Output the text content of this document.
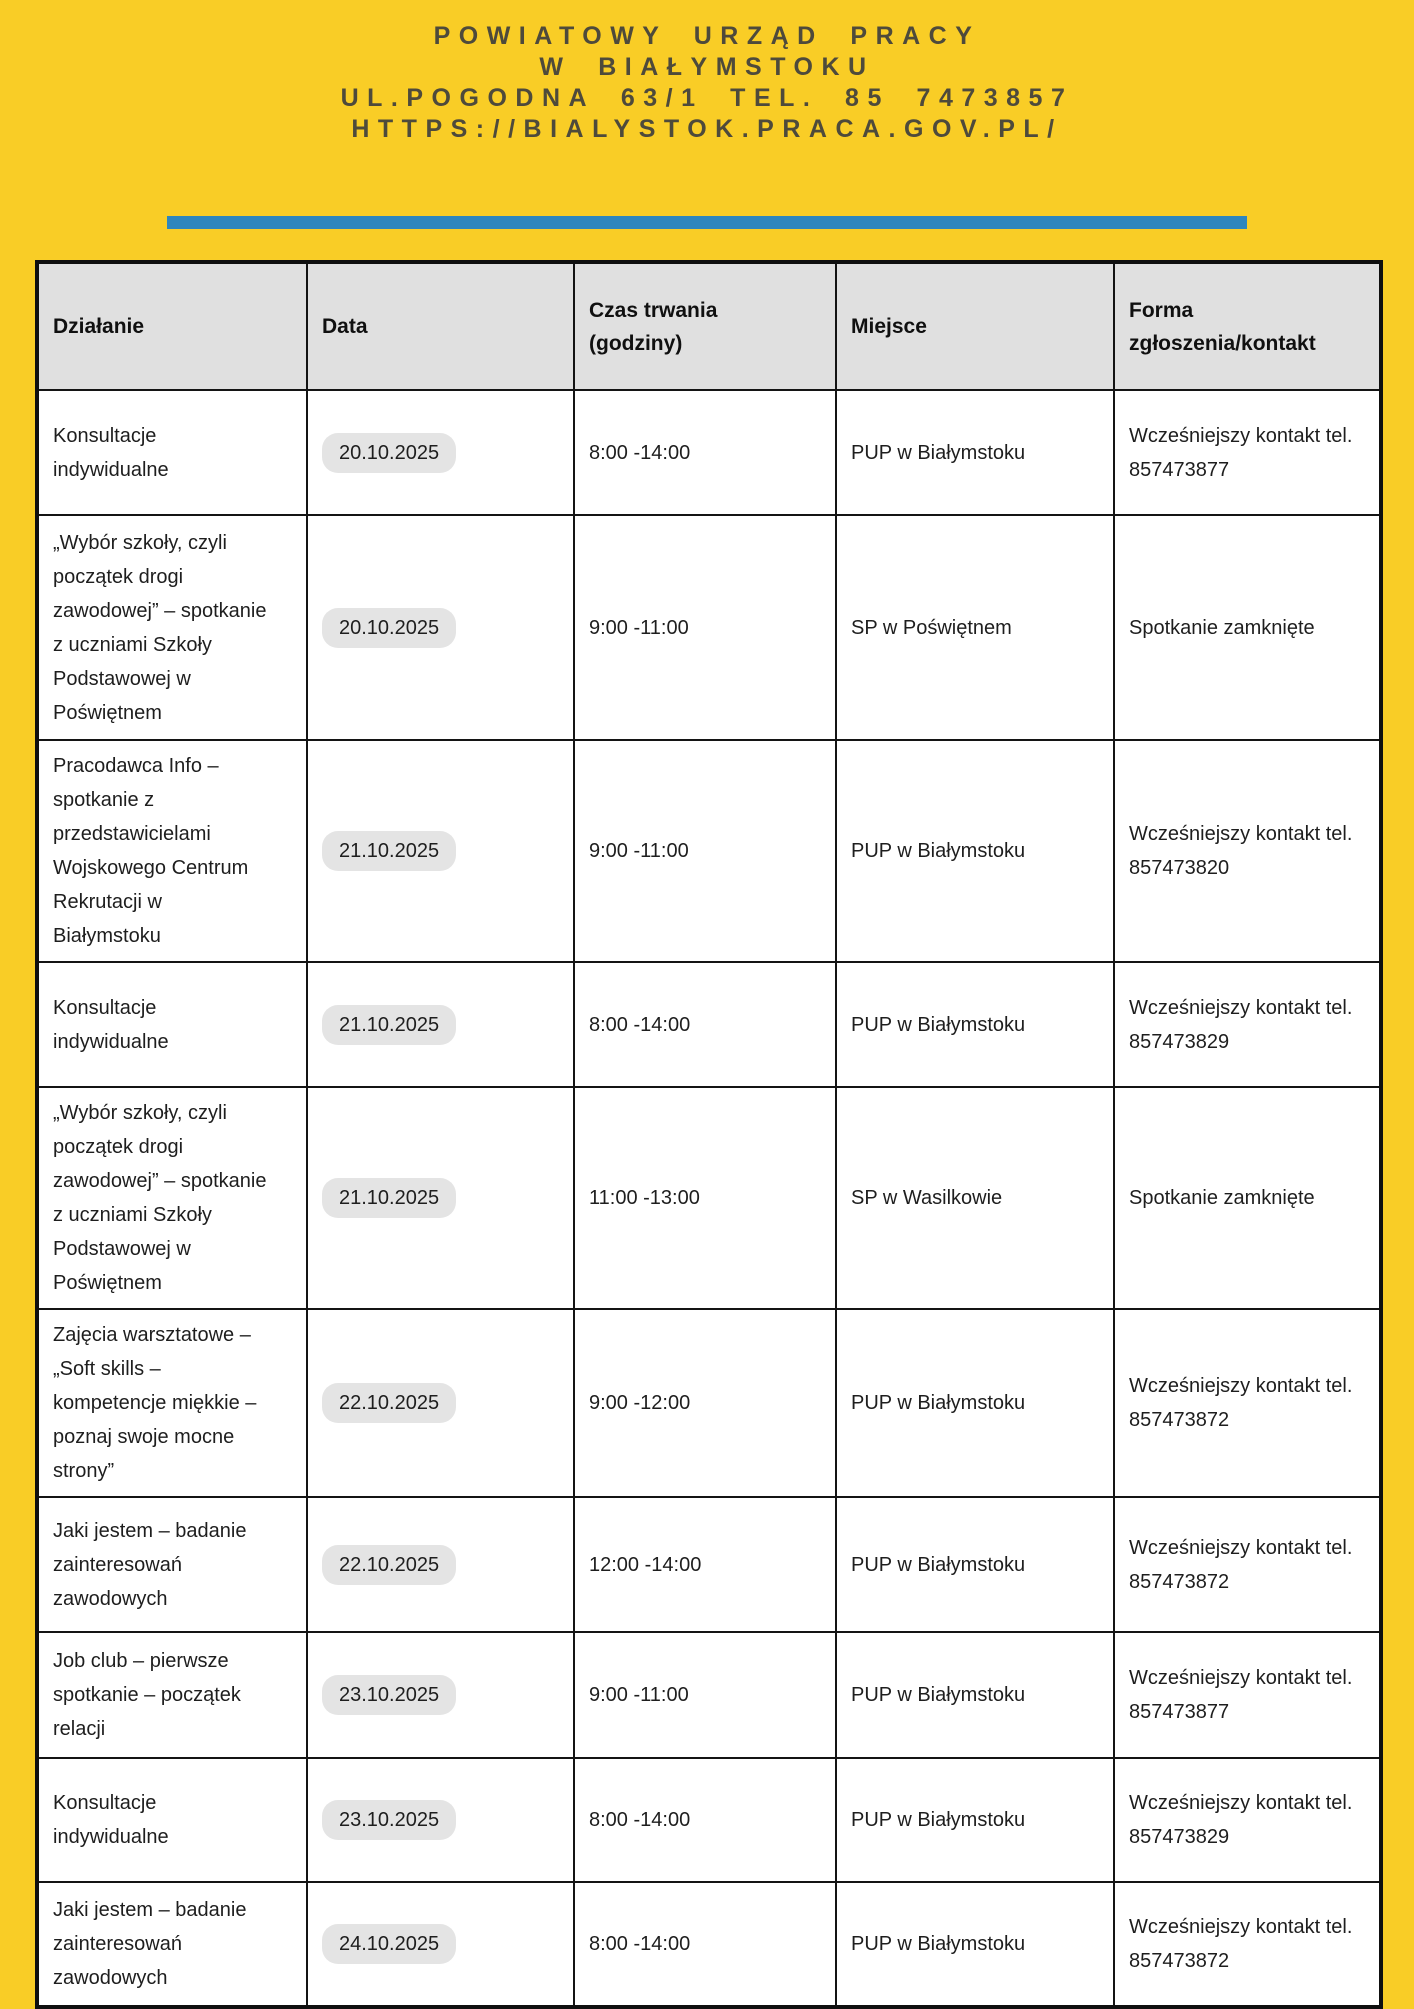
POWIATOWY URZĄD PRACY
W BIAŁYMSTOKU
UL.POGODNA 63/1 TEL. 85 7473857
HTTPS://BIALYSTOK.PRACA.GOV.PL/
Działanie	Data	Czas trwania (godziny)	Miejsce	Forma zgłoszenia/kontakt
Konsultacje indywidualne	20.10.2025	8:00 -14:00	PUP w Białymstoku	Wcześniejszy kontakt tel. 857473877
„Wybór szkoły, czyli początek drogi zawodowej” – spotkanie z uczniami Szkoły Podstawowej w Poświętnem	20.10.2025	9:00 -11:00	SP w Poświętnem	Spotkanie zamknięte
Pracodawca Info – spotkanie z przedstawicielami Wojskowego Centrum Rekrutacji w Białymstoku	21.10.2025	9:00 -11:00	PUP w Białymstoku	Wcześniejszy kontakt tel. 857473820
Konsultacje indywidualne	21.10.2025	8:00 -14:00	PUP w Białymstoku	Wcześniejszy kontakt tel. 857473829
„Wybór szkoły, czyli początek drogi zawodowej” – spotkanie z uczniami Szkoły Podstawowej w Poświętnem	21.10.2025	11:00 -13:00	SP w Wasilkowie	Spotkanie zamknięte
Zajęcia warsztatowe – „Soft skills – kompetencje miękkie – poznaj swoje mocne strony”	22.10.2025	9:00 -12:00	PUP w Białymstoku	Wcześniejszy kontakt tel. 857473872
Jaki jestem – badanie zainteresowań zawodowych	22.10.2025	12:00 -14:00	PUP w Białymstoku	Wcześniejszy kontakt tel. 857473872
Job club – pierwsze spotkanie – początek relacji	23.10.2025	9:00 -11:00	PUP w Białymstoku	Wcześniejszy kontakt tel. 857473877
Konsultacje indywidualne	23.10.2025	8:00 -14:00	PUP w Białymstoku	Wcześniejszy kontakt tel. 857473829
Jaki jestem – badanie zainteresowań zawodowych	24.10.2025	8:00 -14:00	PUP w Białymstoku	Wcześniejszy kontakt tel. 857473872
